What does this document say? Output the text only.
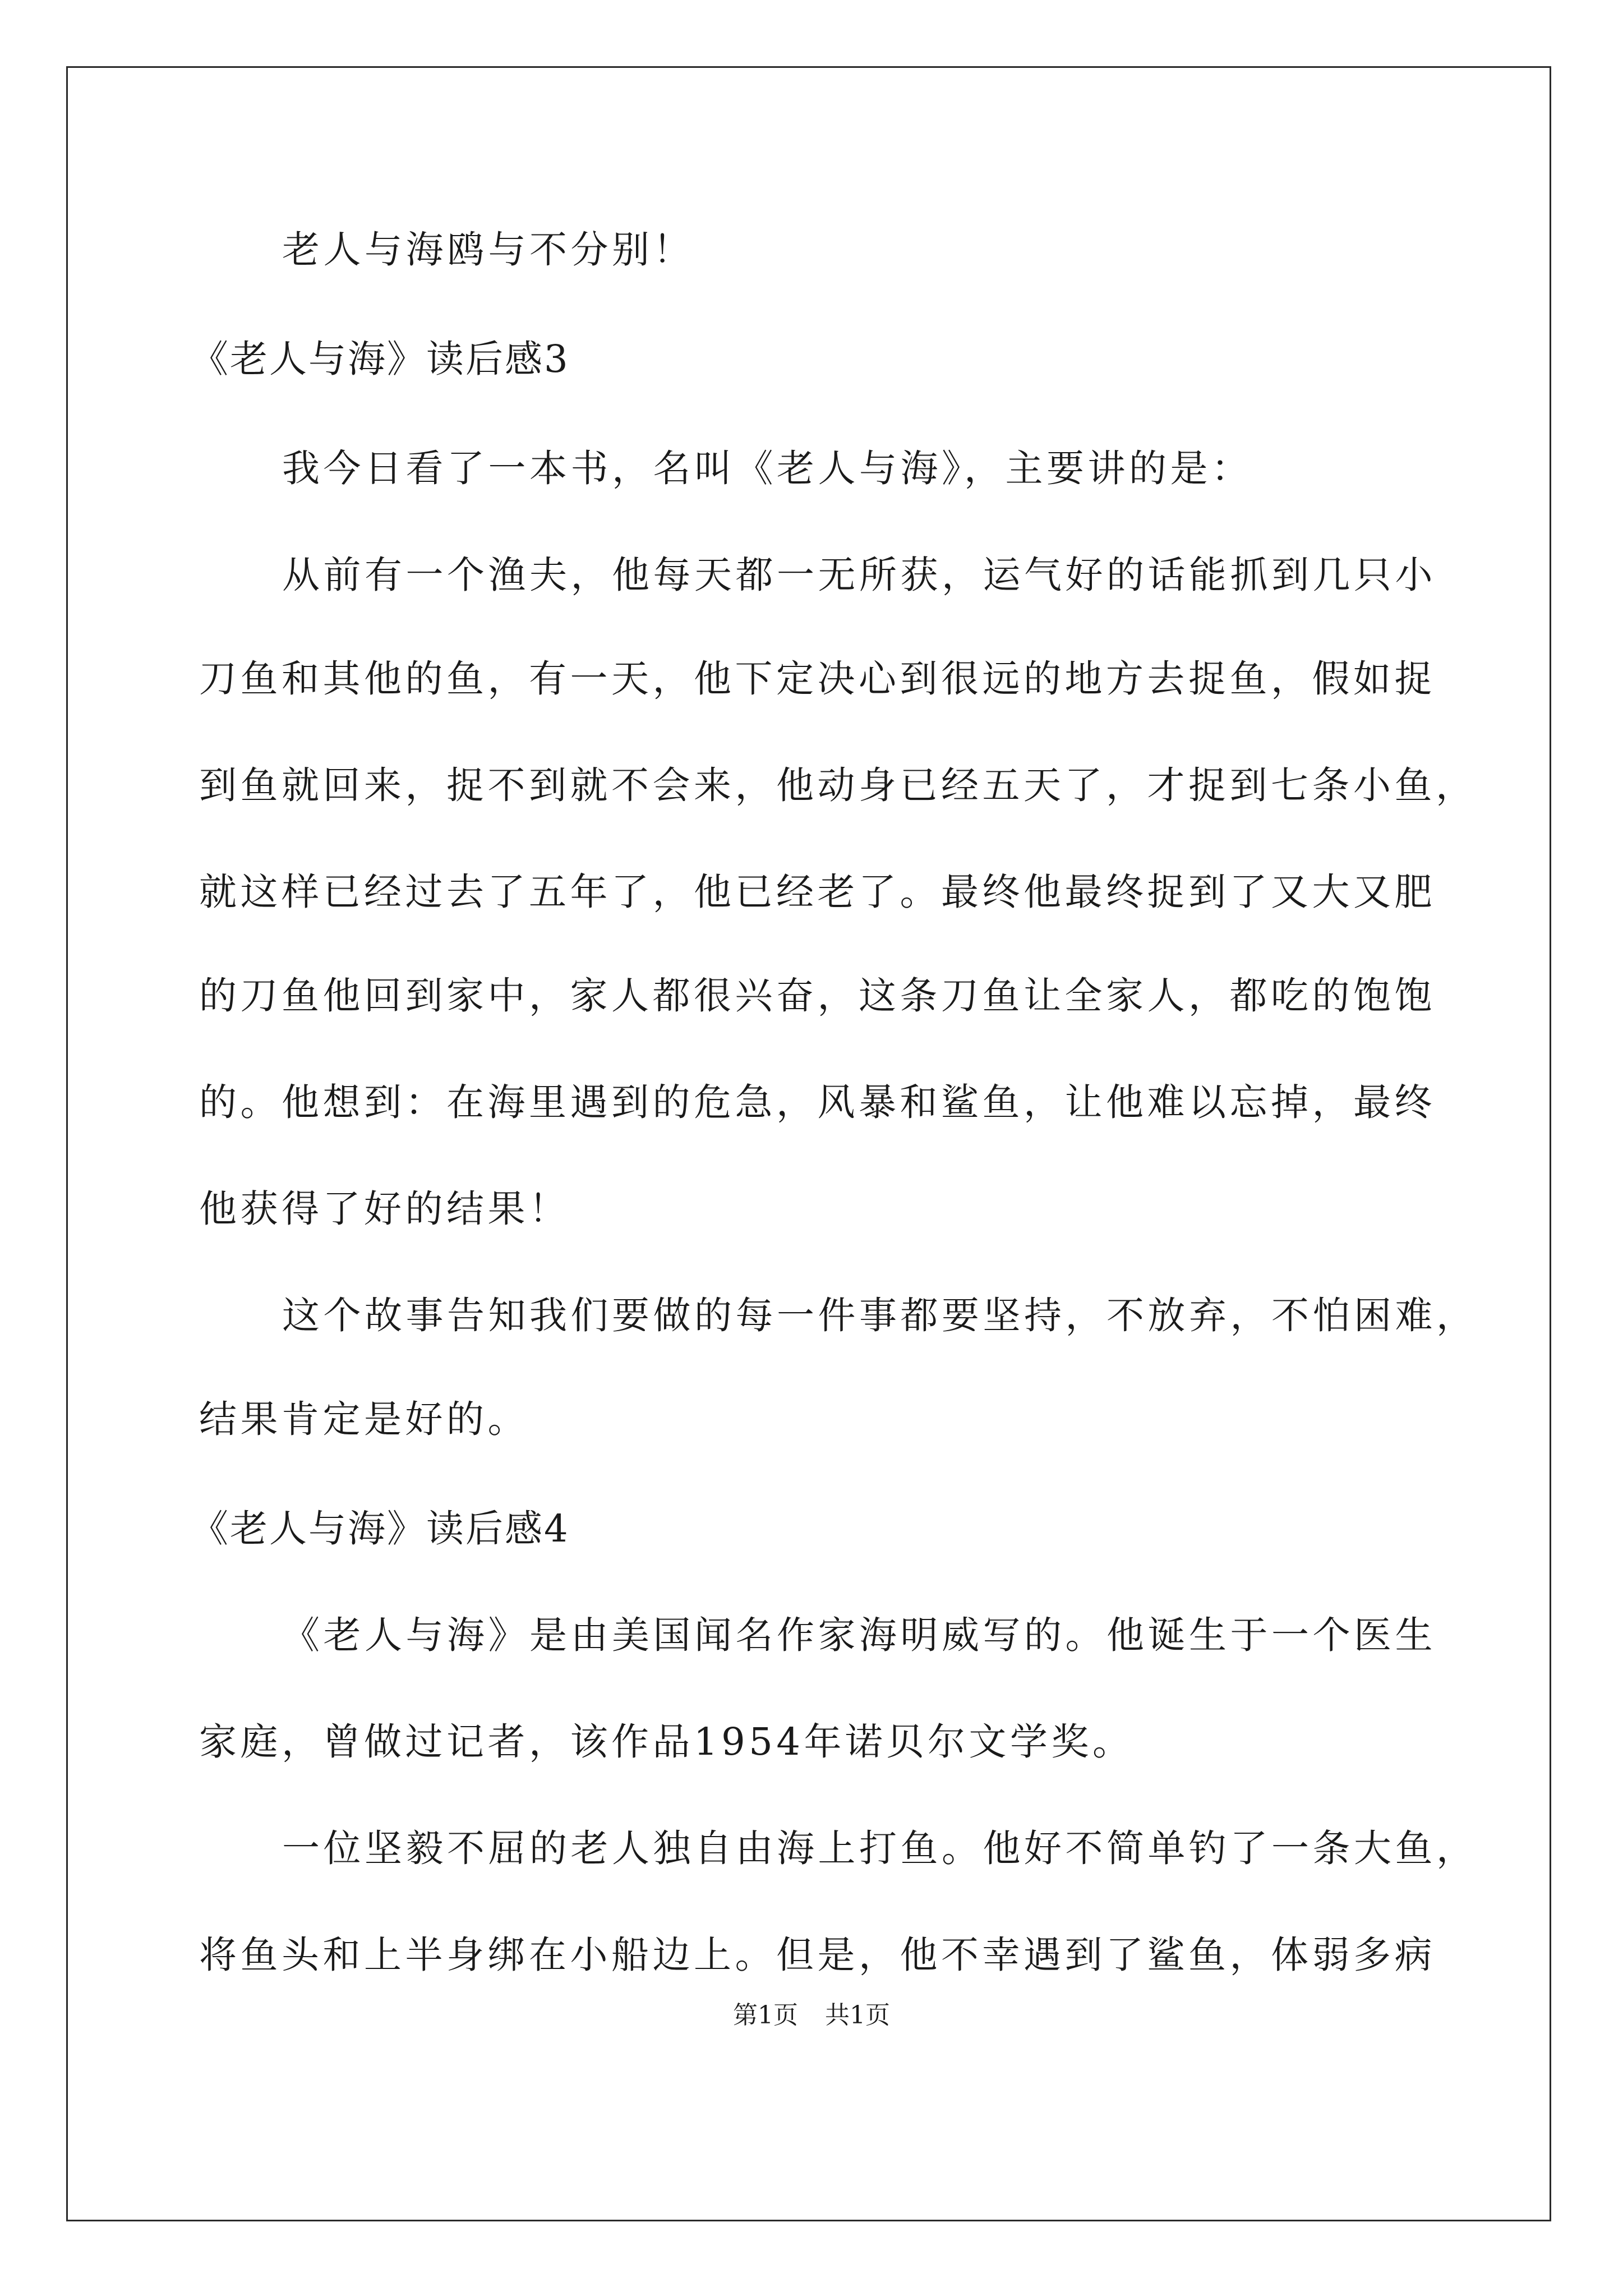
老人与海鸥与不分别！
《老人与海》读后感3
我今日看了一本书，名叫《老人与海》，主要讲的是：
从前有一个渔夫，他每天都一无所获，运气好的话能抓到几只小
刀鱼和其他的鱼，有一天，他下定决心到很远的地方去捉鱼，假如捉
到鱼就回来，捉不到就不会来，他动身已经五天了，才捉到七条小鱼，
就这样已经过去了五年了，他已经老了。最终他最终捉到了又大又肥
的刀鱼他回到家中，家人都很兴奋，这条刀鱼让全家人，都吃的饱饱
的。他想到：在海里遇到的危急，风暴和鲨鱼，让他难以忘掉，最终
他获得了好的结果！
这个故事告知我们要做的每一件事都要坚持，不放弃，不怕困难，
结果肯定是好的。
《老人与海》读后感4
《老人与海》是由美国闻名作家海明威写的。他诞生于一个医生
家庭，曾做过记者，该作品1954年诺贝尔文学奖。
一位坚毅不屈的老人独自由海上打鱼。他好不简单钓了一条大鱼，
将鱼头和上半身绑在小船边上。但是，他不幸遇到了鲨鱼，体弱多病
第1页 共1页
